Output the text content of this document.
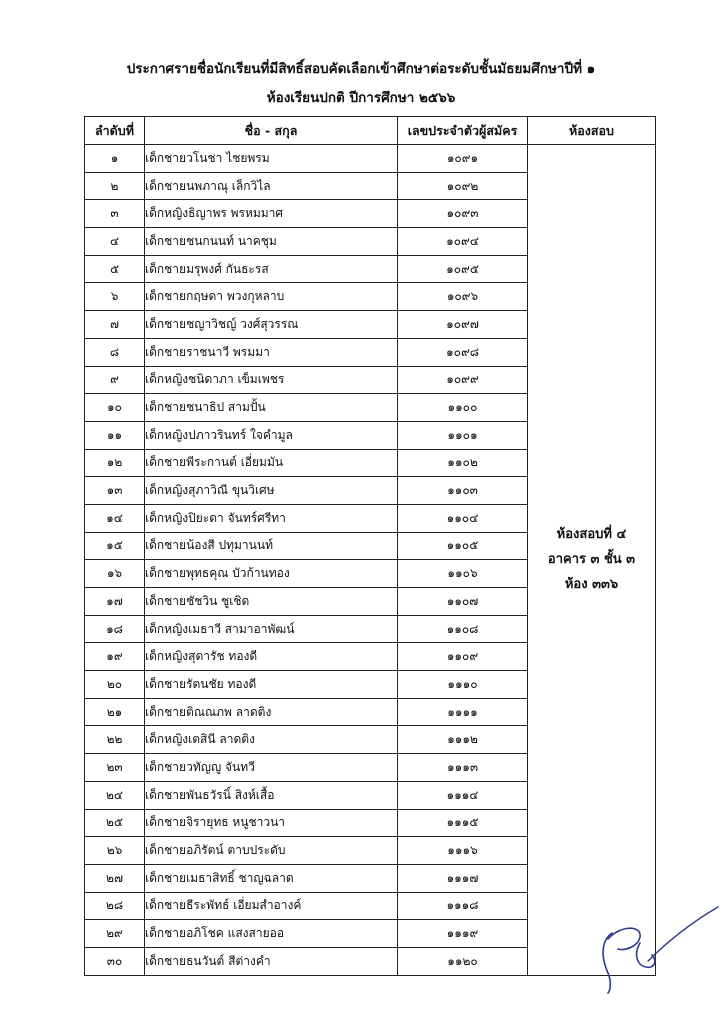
ประกาศรายชื่อนักเรียนที่มีสิทธิ์สอบคัดเลือกเข้าศึกษาต่อระดับชั้นมัธยมศึกษาปีที่ ๑
ห้องเรียนปกติ ปีการศึกษา ๒๕๖๖
ลำดับที่	ชื่อ - สกุล	เลขประจำตัวผู้สมัคร	ห้องสอบ
๑	เด็กชายวโนชา ไชยพรม	๑๐๙๑	ห้องสอบที่ ๔
อาคาร ๓ ชั้น ๓
ห้อง ๓๓๖

๒	เด็กชายนพภาณุ เล็กวิไล	๑๐๙๒	
๓	เด็กหญิงธิญาพร พรหมมาศ	๑๐๙๓	
๔	เด็กชายชนกนนท์ นาคชุม	๑๐๙๔	
๕	เด็กชายมรุพงศ์ กันธะรส	๑๐๙๕	
๖	เด็กชายกฤษดา พวงกุหลาบ	๑๐๙๖	
๗	เด็กชายชญาวิชญ์ วงศ์สุวรรณ	๑๐๙๗	
๘	เด็กชายราชนาวี พรมมา	๑๐๙๘	
๙	เด็กหญิงชนิดาภา เข็มเพชร	๑๐๙๙	
๑๐	เด็กชายชนาธิป สามปั้น	๑๑๐๐	
๑๑	เด็กหญิงปภาวรินทร์ ใจคำมูล	๑๑๐๑	
๑๒	เด็กชายพีระกานต์ เอี่ยมมัน	๑๑๐๒	
๑๓	เด็กหญิงสุภาวิณี ขุนวิเศษ	๑๑๐๓	
๑๔	เด็กหญิงปิยะดา จันทร์ศรีทา	๑๑๐๔	
๑๕	เด็กชายน้องสี ปทุมานนท์	๑๑๐๕	
๑๖	เด็กชายพุทธคุณ บัวก้านทอง	๑๑๐๖	
๑๗	เด็กชายชัชวิน ชูเชิด	๑๑๐๗	
๑๘	เด็กหญิงเมธาวี สามาอาพัฒน์	๑๑๐๘	
๑๙	เด็กหญิงสุดารัช ทองดี	๑๑๐๙	
๒๐	เด็กชายรัตนชัย ทองดี	๑๑๑๐	
๒๑	เด็กชายติณณภพ ลาดติง	๑๑๑๑	
๒๒	เด็กหญิงเตสินี ลาดติง	๑๑๑๒	
๒๓	เด็กชายวทัญญู จันทวี	๑๑๑๓	
๒๔	เด็กชายพันธวัรนิ์ สิงห์เสื้อ	๑๑๑๔	
๒๕	เด็กชายจิรายุทธ หนูชาวนา	๑๑๑๕	
๒๖	เด็กชายอภิรัตน์ ตาบประดับ	๑๑๑๖	
๒๗	เด็กชายเมธาสิทธิ์ ชาญฉลาด	๑๑๑๗	
๒๘	เด็กชายธีระพัทธ์ เอี่ยมสำอางค์	๑๑๑๘	
๒๙	เด็กชายอภิโชค แสงสายออ	๑๑๑๙	
๓๐	เด็กชายธนวันต์ สีต่างคำ	๑๑๒๐	
